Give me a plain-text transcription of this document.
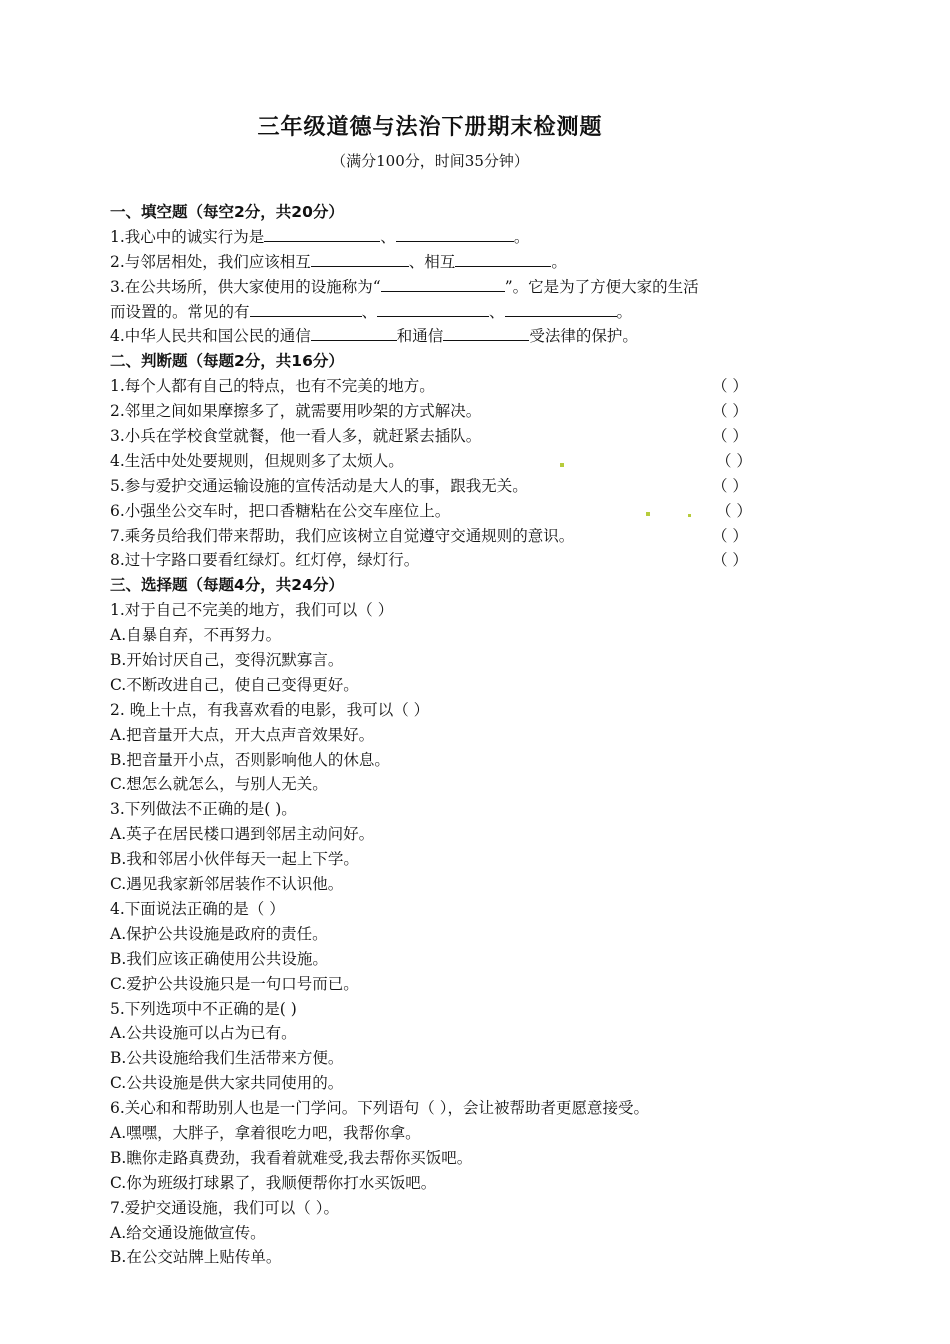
三年级道德与法治下册期末检测题
（满分100分，时间35分钟）
一、填空题（每空2分，共20分）
1.我心中的诚实行为是	、	。
2.与邻居相处，我们应该相互	、相互	。
3.在公共场所，供大家使用的设施称为“	”。它是为了方便大家的生活
而设置的。常见的有	、	、	。
4.中华人民共和国公民的通信	和通信	受法律的保护。
二、判断题（每题2分，共16分）
1.每个人都有自己的特点，也有不完美的地方。	（ ）
2.邻里之间如果摩擦多了，就需要用吵架的方式解决。	（ ）
3.小兵在学校食堂就餐，他一看人多，就赶紧去插队。	（ ）
4.生活中处处要规则，但规则多了太烦人。	（ ）
5.参与爱护交通运输设施的宣传活动是大人的事，跟我无关。	（ ）
6.小强坐公交车时，把口香糖粘在公交车座位上。	（ ）
7.乘务员给我们带来帮助，我们应该树立自觉遵守交通规则的意识。	（ ）
8.过十字路口要看红绿灯。红灯停，绿灯行。	（ ）
三、选择题（每题4分，共24分）
1.对于自己不完美的地方，我们可以（ ）
A.自暴自弃，不再努力。
B.开始讨厌自己，变得沉默寡言。
C.不断改进自己，使自己变得更好。
2. 晚上十点，有我喜欢看的电影，我可以（ ）
A.把音量开大点，开大点声音效果好。
B.把音量开小点，否则影响他人的休息。
C.想怎么就怎么，与别人无关。
3.下列做法不正确的是( )。
A.英子在居民楼口遇到邻居主动问好。
B.我和邻居小伙伴每天一起上下学。
C.遇见我家新邻居装作不认识他。
4.下面说法正确的是（ ）
A.保护公共设施是政府的责任。
B.我们应该正确使用公共设施。
C.爱护公共设施只是一句口号而已。
5.下列选项中不正确的是( )
A.公共设施可以占为已有。
B.公共设施给我们生活带来方便。
C.公共设施是供大家共同使用的。
6.关心和和帮助别人也是一门学问。下列语句（ ），会让被帮助者更愿意接受。
A.嘿嘿，大胖子，拿着很吃力吧，我帮你拿。
B.瞧你走路真费劲，我看着就难受,我去帮你买饭吧。
C.你为班级打球累了，我顺便帮你打水买饭吧。
7.爱护交通设施，我们可以（ ）。
A.给交通设施做宣传。
B.在公交站牌上贴传单。
